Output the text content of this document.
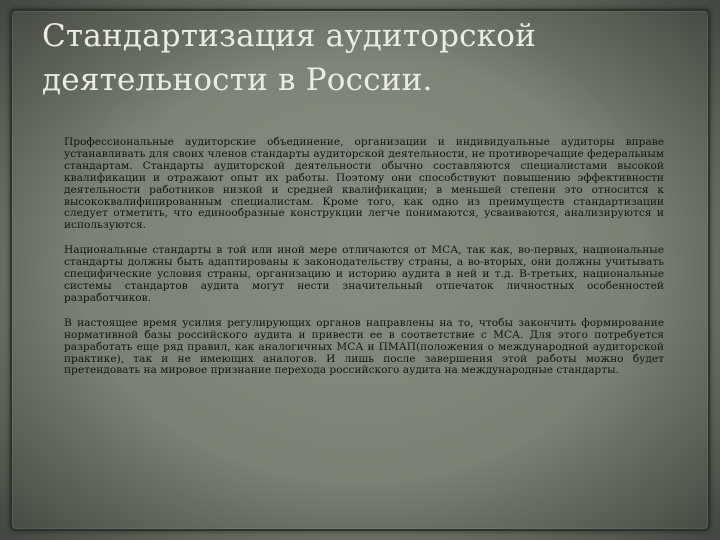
Стандартизация аудиторской
деятельности в России.

Профессиональные аудиторские объединение, организации и индивидуальные аудиторы вправе устанавливать для своих членов стандарты аудиторской деятельности, не противоречащие федеральным стандартам. Стандарты аудиторской деятельности обычно составляются специалистами высокой квалификации и отражают опыт их работы. Поэтому они способствуют повышению эффективности деятельности работников низкой и средней квалификации; в меньшей степени это относится к высококвалифицированным специалистам. Кроме того, как одно из преимуществ стандартизации следует отметить, что единообразные конструкции легче понимаются, усваиваются, анализируются и используются.

Национальные стандарты в той или иной мере отличаются от МСА, так как, во-первых, национальные стандарты должны быть адаптированы к законодательству страны, а во-вторых, они должны учитывать специфические условия страны, организацию и историю аудита в ней и т.д. В-третьих, национальные системы стандартов аудита могут нести значительный отпечаток личностных особенностей разработчиков.

В настоящее время усилия регулирующих органов направлены на то, чтобы закончить формирование нормативной базы российского аудита и привести ее в соответствие с МСА. Для этого потребуется разработать еще ряд правил, как аналогичных МСА и ПМАП(положения о международной аудиторской практике), так и не имеющих аналогов. И лишь после завершения этой работы можно будет претендовать на мировое признание перехода российского аудита на международные стандарты.
